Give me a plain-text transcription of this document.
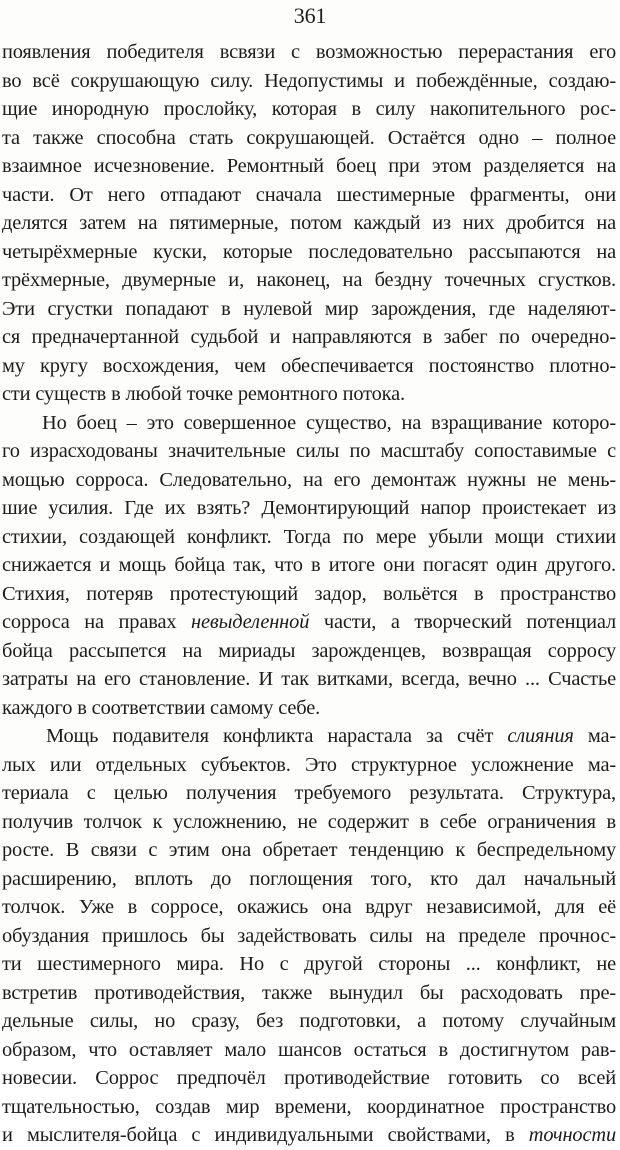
361
появления победителя всвязи с возможностью перерастания его
во всё сокрушающую силу. Недопустимы и побеждённые, создаю-
щие инородную прослойку, которая в силу накопительного рос-
та также способна стать сокрушающей. Остаётся одно – полное
взаимное исчезновение. Ремонтный боец при этом разделяется на
части. От него отпадают сначала шестимерные фрагменты, они
делятся затем на пятимерные, потом каждый из них дробится на
четырёхмерные куски, которые последовательно рассыпаются на
трёхмерные, двумерные и, наконец, на бездну точечных сгустков.
Эти сгустки попадают в нулевой мир зарождения, где наделяют-
ся предначертанной судьбой и направляются в забег по очередно-
му кругу восхождения, чем обеспечивается постоянство плотно-
сти существ в любой точке ремонтного потока.
Но боец – это совершенное существо, на взращивание которо-
го израсходованы значительные силы по масштабу сопоставимые с
мощью сорроса. Следовательно, на его демонтаж нужны не мень-
шие усилия. Где их взять? Демонтирующий напор проистекает из
стихии, создающей конфликт. Тогда по мере убыли мощи стихии
снижается и мощь бойца так, что в итоге они погасят один другого.
Стихия, потеряв протестующий задор, вольётся в пространство
сорроса на правах невыделенной части, а творческий потенциал
бойца рассыпется на мириады зарожденцев, возвращая сорросу
затраты на его становление. И так витками, всегда, вечно ... Счастье
каждого в соответствии самому себе.
Мощь подавителя конфликта нарастала за счёт слияния ма-
лых или отдельных субъектов. Это структурное усложнение ма-
териала с целью получения требуемого результата. Структура,
получив толчок к усложнению, не содержит в себе ограничения в
росте. В связи с этим она обретает тенденцию к беспредельному
расширению, вплоть до поглощения того, кто дал начальный
толчок. Уже в сорросе, окажись она вдруг независимой, для её
обуздания пришлось бы задействовать силы на пределе прочнос-
ти шестимерного мира. Но с другой стороны ... конфликт, не
встретив противодействия, также вынудил бы расходовать пре-
дельные силы, но сразу, без подготовки, а потому случайным
образом, что оставляет мало шансов остаться в достигнутом рав-
новесии. Соррос предпочёл противодействие готовить со всей
тщательностью, создав мир времени, координатное пространство
и мыслителя-бойца с индивидуальными свойствами, в точности
